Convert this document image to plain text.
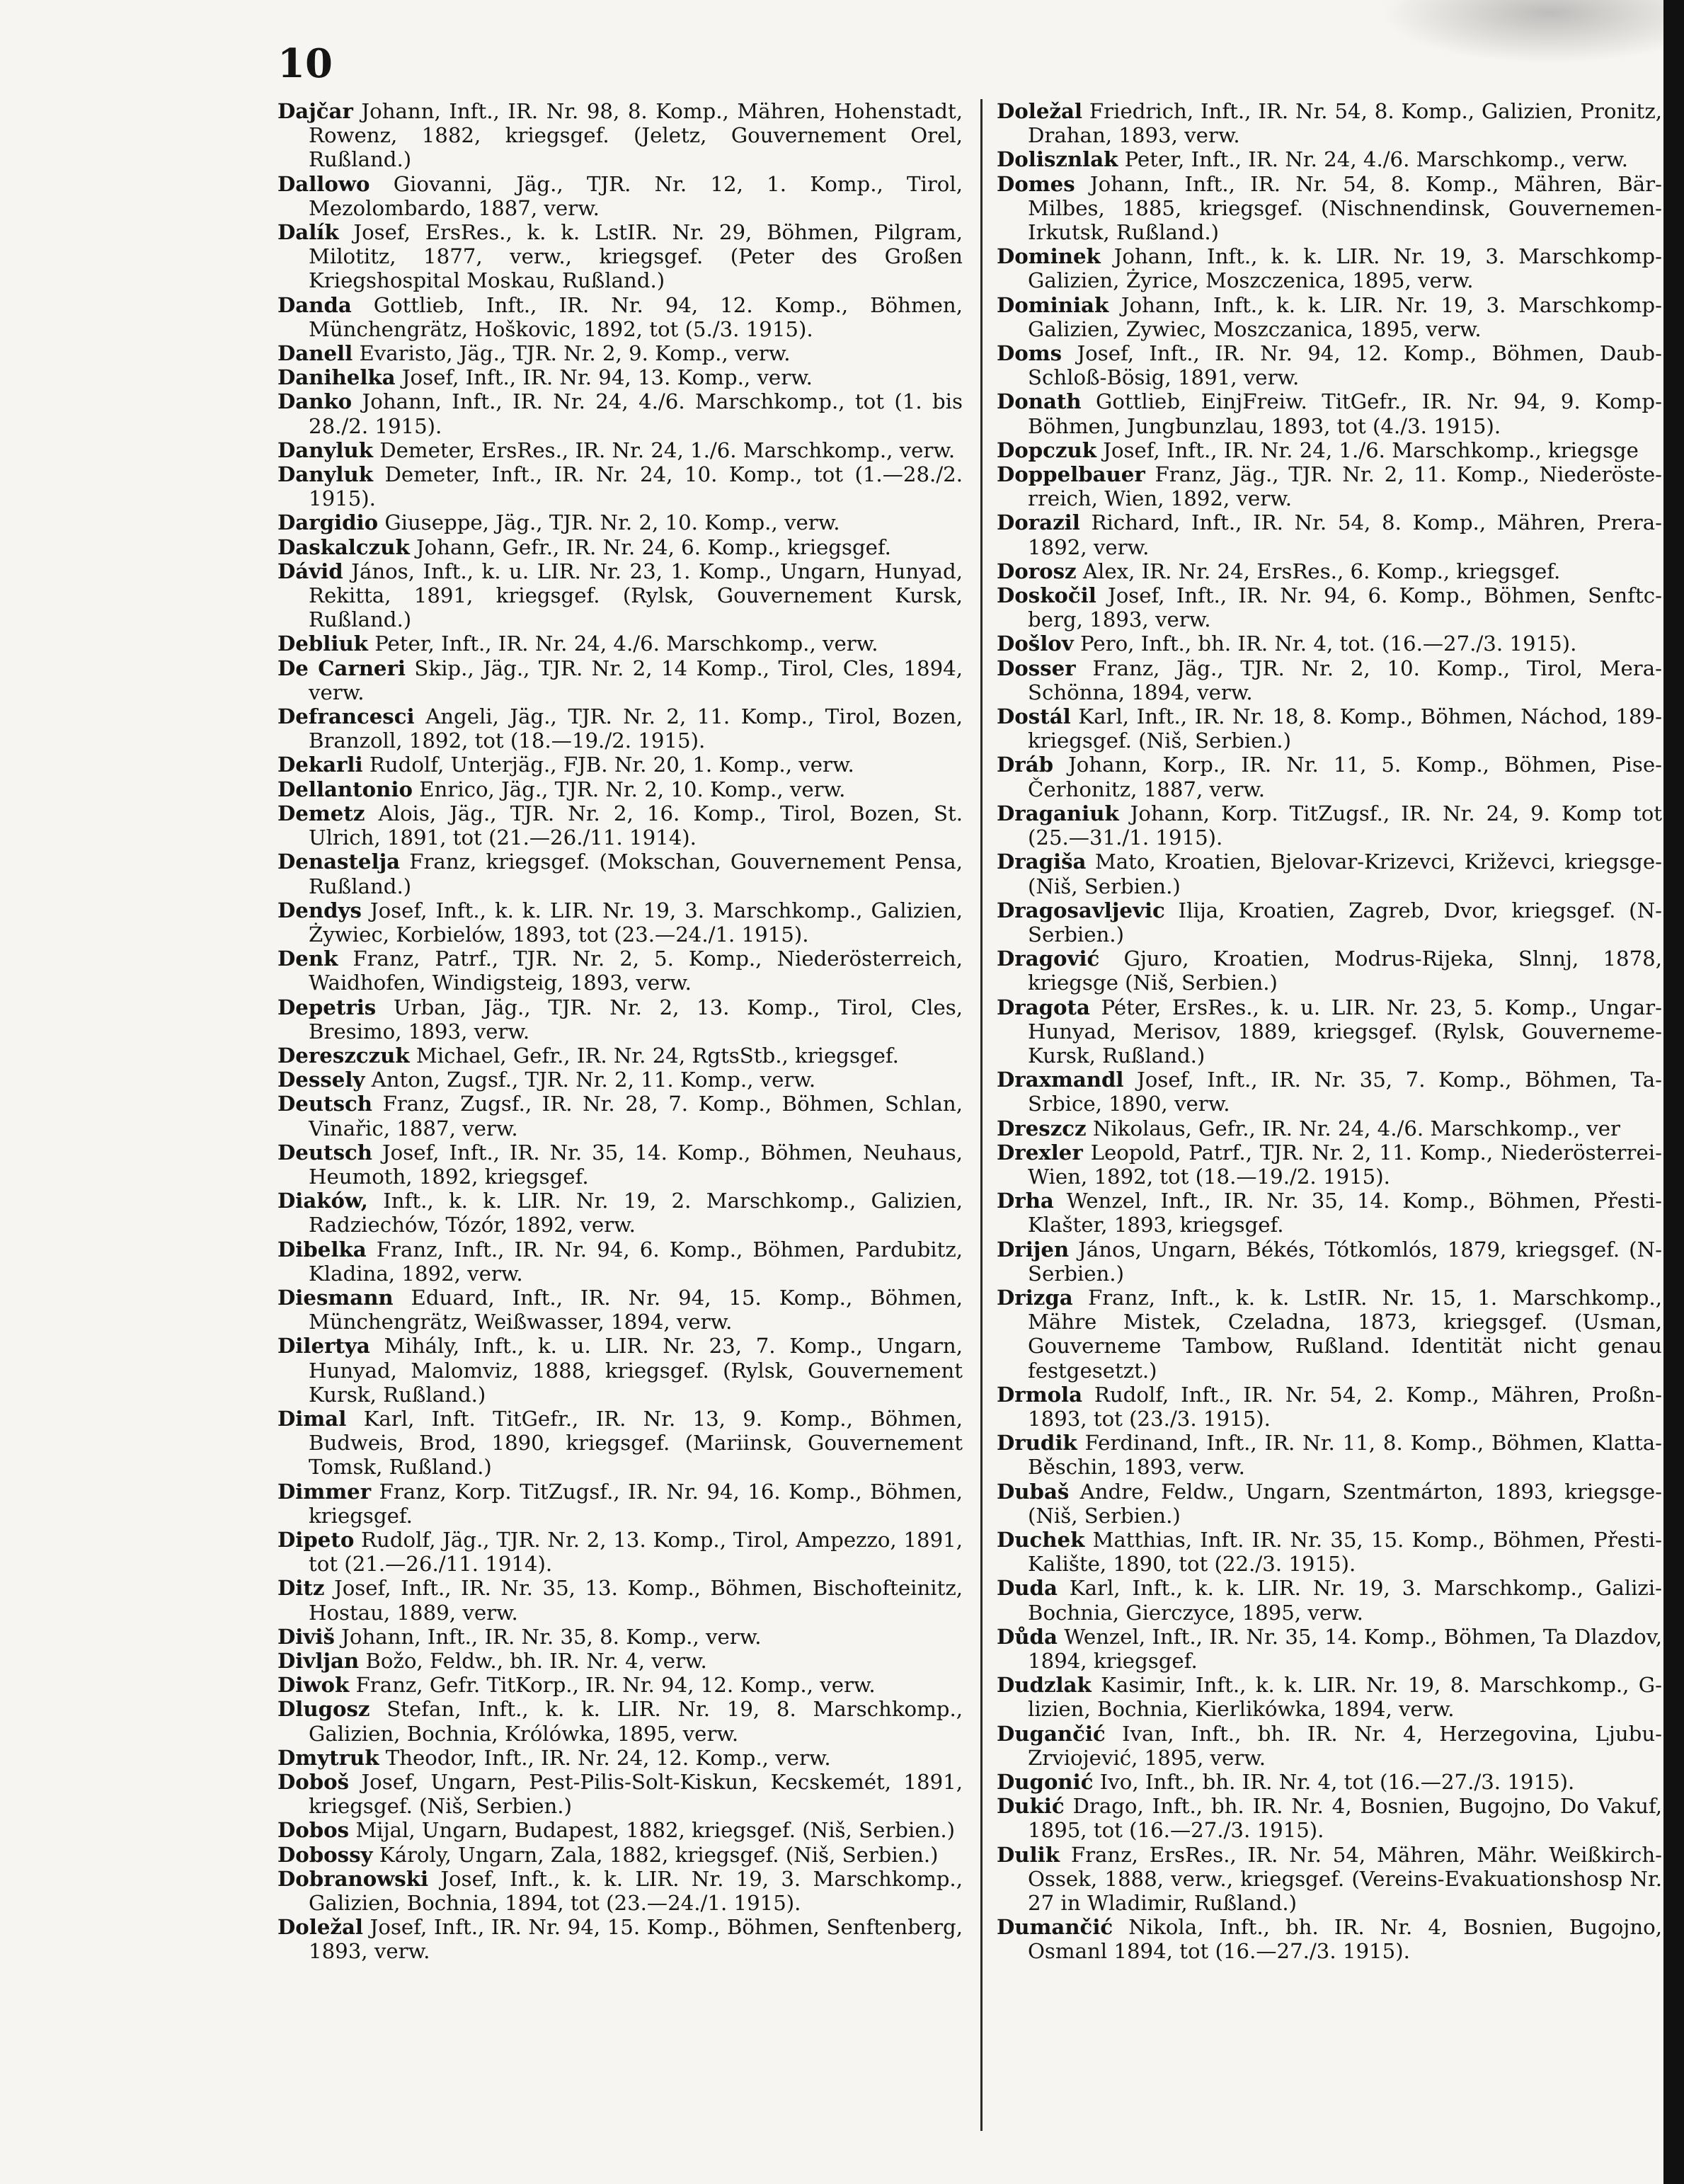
10

Dajčar Johann, Inft., IR. Nr. 98, 8. Komp., Mähren, Hohenstadt, Rowenz, 1882, kriegsgef. (Jeletz, Gouvernement Orel, Rußland.)

Dallowo Giovanni, Jäg., TJR. Nr. 12, 1. Komp., Tirol, Mezolombardo, 1887, verw.

Dalík Josef, ErsRes., k. k. LstIR. Nr. 29, Böhmen, Pilgram, Milotitz, 1877, verw., kriegsgef. (Peter des Großen Kriegshospital Moskau, Rußland.)

Danda Gottlieb, Inft., IR. Nr. 94, 12. Komp., Böhmen, Münchengrätz, Hoškovic, 1892, tot (5./3. 1915).

Danell Evaristo, Jäg., TJR. Nr. 2, 9. Komp., verw.

Danihelka Josef, Inft., IR. Nr. 94, 13. Komp., verw.

Danko Johann, Inft., IR. Nr. 24, 4./6. Marschkomp., tot (1. bis 28./2. 1915).

Danyluk Demeter, ErsRes., IR. Nr. 24, 1./6. Marschkomp., verw.

Danyluk Demeter, Inft., IR. Nr. 24, 10. Komp., tot (1.—28./2. 1915).

Dargidio Giuseppe, Jäg., TJR. Nr. 2, 10. Komp., verw.

Daskalczuk Johann, Gefr., IR. Nr. 24, 6. Komp., kriegsgef.

Dávid János, Inft., k. u. LIR. Nr. 23, 1. Komp., Ungarn, Hunyad, Rekitta, 1891, kriegsgef. (Rylsk, Gouvernement Kursk, Rußland.)

Debliuk Peter, Inft., IR. Nr. 24, 4./6. Marschkomp., verw.

De Carneri Skip., Jäg., TJR. Nr. 2, 14 Komp., Tirol, Cles, 1894, verw.

Defrancesci Angeli, Jäg., TJR. Nr. 2, 11. Komp., Tirol, Bozen, Branzoll, 1892, tot (18.—19./2. 1915).

Dekarli Rudolf, Unterjäg., FJB. Nr. 20, 1. Komp., verw.

Dellantonio Enrico, Jäg., TJR. Nr. 2, 10. Komp., verw.

Demetz Alois, Jäg., TJR. Nr. 2, 16. Komp., Tirol, Bozen, St. Ulrich, 1891, tot (21.—26./11. 1914).

Denastelja Franz, kriegsgef. (Mokschan, Gouvernement Pensa, Rußland.)

Dendys Josef, Inft., k. k. LIR. Nr. 19, 3. Marschkomp., Galizien, Żywiec, Korbielów, 1893, tot (23.—24./1. 1915).

Denk Franz, Patrf., TJR. Nr. 2, 5. Komp., Niederösterreich, Waidhofen, Windigsteig, 1893, verw.

Depetris Urban, Jäg., TJR. Nr. 2, 13. Komp., Tirol, Cles, Bresimo, 1893, verw.

Dereszczuk Michael, Gefr., IR. Nr. 24, RgtsStb., kriegsgef.

Dessely Anton, Zugsf., TJR. Nr. 2, 11. Komp., verw.

Deutsch Franz, Zugsf., IR. Nr. 28, 7. Komp., Böhmen, Schlan, Vinařic, 1887, verw.

Deutsch Josef, Inft., IR. Nr. 35, 14. Komp., Böhmen, Neuhaus, Heumoth, 1892, kriegsgef.

Diaków, Inft., k. k. LIR. Nr. 19, 2. Marschkomp., Galizien, Radziechów, Tózór, 1892, verw.

Dibelka Franz, Inft., IR. Nr. 94, 6. Komp., Böhmen, Pardubitz, Kladina, 1892, verw.

Diesmann Eduard, Inft., IR. Nr. 94, 15. Komp., Böhmen, Münchengrätz, Weißwasser, 1894, verw.

Dilertya Mihály, Inft., k. u. LIR. Nr. 23, 7. Komp., Ungarn, Hunyad, Malomviz, 1888, kriegsgef. (Rylsk, Gouvernement Kursk, Rußland.)

Dimal Karl, Inft. TitGefr., IR. Nr. 13, 9. Komp., Böhmen, Budweis, Brod, 1890, kriegsgef. (Mariinsk, Gouvernement Tomsk, Rußland.)

Dimmer Franz, Korp. TitZugsf., IR. Nr. 94, 16. Komp., Böhmen, kriegsgef.

Dipeto Rudolf, Jäg., TJR. Nr. 2, 13. Komp., Tirol, Ampezzo, 1891, tot (21.—26./11. 1914).

Ditz Josef, Inft., IR. Nr. 35, 13. Komp., Böhmen, Bischofteinitz, Hostau, 1889, verw.

Diviš Johann, Inft., IR. Nr. 35, 8. Komp., verw.

Divljan Božo, Feldw., bh. IR. Nr. 4, verw.

Diwok Franz, Gefr. TitKorp., IR. Nr. 94, 12. Komp., verw.

Dlugosz Stefan, Inft., k. k. LIR. Nr. 19, 8. Marschkomp., Galizien, Bochnia, Królówka, 1895, verw.

Dmytruk Theodor, Inft., IR. Nr. 24, 12. Komp., verw.

Doboš Josef, Ungarn, Pest-Pilis-Solt-Kiskun, Kecskemét, 1891, kriegsgef. (Niš, Serbien.)

Dobos Mijal, Ungarn, Budapest, 1882, kriegsgef. (Niš, Serbien.)

Dobossy Károly, Ungarn, Zala, 1882, kriegsgef. (Niš, Serbien.)

Dobranowski Josef, Inft., k. k. LIR. Nr. 19, 3. Marschkomp., Galizien, Bochnia, 1894, tot (23.—24./1. 1915).

Doležal Josef, Inft., IR. Nr. 94, 15. Komp., Böhmen, Senftenberg, 1893, verw.

Doležal Friedrich, Inft., IR. Nr. 54, 8. Komp., Galizien, Pronitz, Drahan, 1893, verw.

Dolisznlak Peter, Inft., IR. Nr. 24, 4./6. Marschkomp., verw.

Domes Johann, Inft., IR. Nr. 54, 8. Komp., Mähren, Bär Milbes, 1885, kriegsgef. (Nischnendinsk, Gouvernemen Irkutsk, Rußland.)

Dominek Johann, Inft., k. k. LIR. Nr. 19, 3. Marschkomp Galizien, Żyrice, Moszczenica, 1895, verw.

Dominiak Johann, Inft., k. k. LIR. Nr. 19, 3. Marschkomp Galizien, Zywiec, Moszczanica, 1895, verw.

Doms Josef, Inft., IR. Nr. 94, 12. Komp., Böhmen, Daub Schloß-Bösig, 1891, verw.

Donath Gottlieb, EinjFreiw. TitGefr., IR. Nr. 94, 9. Komp Böhmen, Jungbunzlau, 1893, tot (4./3. 1915).

Dopczuk Josef, Inft., IR. Nr. 24, 1./6. Marschkomp., kriegsge

Doppelbauer Franz, Jäg., TJR. Nr. 2, 11. Komp., Niederöste rreich, Wien, 1892, verw.

Dorazil Richard, Inft., IR. Nr. 54, 8. Komp., Mähren, Prera 1892, verw.

Dorosz Alex, IR. Nr. 24, ErsRes., 6. Komp., kriegsgef.

Doskočil Josef, Inft., IR. Nr. 94, 6. Komp., Böhmen, Senftc berg, 1893, verw.

Došlov Pero, Inft., bh. IR. Nr. 4, tot. (16.—27./3. 1915).

Dosser Franz, Jäg., TJR. Nr. 2, 10. Komp., Tirol, Mera Schönna, 1894, verw.

Dostál Karl, Inft., IR. Nr. 18, 8. Komp., Böhmen, Náchod, 189 kriegsgef. (Niš, Serbien.)

Dráb Johann, Korp., IR. Nr. 11, 5. Komp., Böhmen, Pise Čerhonitz, 1887, verw.

Draganiuk Johann, Korp. TitZugsf., IR. Nr. 24, 9. Komp tot (25.—31./1. 1915).

Dragiša Mato, Kroatien, Bjelovar-Krizevci, Križevci, kriegsge (Niš, Serbien.)

Dragosavljevic Ilija, Kroatien, Zagreb, Dvor, kriegsgef. (N Serbien.)

Dragović Gjuro, Kroatien, Modrus-Rijeka, Slnnj, 1878, kriegsge (Niš, Serbien.)

Dragota Péter, ErsRes., k. u. LIR. Nr. 23, 5. Komp., Ungar Hunyad, Merisov, 1889, kriegsgef. (Rylsk, Gouverneme Kursk, Rußland.)

Draxmandl Josef, Inft., IR. Nr. 35, 7. Komp., Böhmen, Ta Srbice, 1890, verw.

Dreszcz Nikolaus, Gefr., IR. Nr. 24, 4./6. Marschkomp., ver

Drexler Leopold, Patrf., TJR. Nr. 2, 11. Komp., Niederösterrei Wien, 1892, tot (18.—19./2. 1915).

Drha Wenzel, Inft., IR. Nr. 35, 14. Komp., Böhmen, Přesti Klašter, 1893, kriegsgef.

Drijen János, Ungarn, Békés, Tótkomlós, 1879, kriegsgef. (N Serbien.)

Drizga Franz, Inft., k. k. LstIR. Nr. 15, 1. Marschkomp., Mähre Mistek, Czeladna, 1873, kriegsgef. (Usman, Gouverneme Tambow, Rußland. Identität nicht genau festgesetzt.)

Drmola Rudolf, Inft., IR. Nr. 54, 2. Komp., Mähren, Proßn 1893, tot (23./3. 1915).

Drudik Ferdinand, Inft., IR. Nr. 11, 8. Komp., Böhmen, Klatta Běschin, 1893, verw.

Dubaš Andre, Feldw., Ungarn, Szentmárton, 1893, kriegsge (Niš, Serbien.)

Duchek Matthias, Inft. IR. Nr. 35, 15. Komp., Böhmen, Přesti Kalište, 1890, tot (22./3. 1915).

Duda Karl, Inft., k. k. LIR. Nr. 19, 3. Marschkomp., Galizi Bochnia, Gierczyce, 1895, verw.

Důda Wenzel, Inft., IR. Nr. 35, 14. Komp., Böhmen, Ta Dlazdov, 1894, kriegsgef.

Dudzlak Kasimir, Inft., k. k. LIR. Nr. 19, 8. Marschkomp., G lizien, Bochnia, Kierlikówka, 1894, verw.

Dugančić Ivan, Inft., bh. IR. Nr. 4, Herzegovina, Ljubu Zrviojević, 1895, verw.

Dugonić Ivo, Inft., bh. IR. Nr. 4, tot (16.—27./3. 1915).

Dukić Drago, Inft., bh. IR. Nr. 4, Bosnien, Bugojno, Do Vakuf, 1895, tot (16.—27./3. 1915).

Dulik Franz, ErsRes., IR. Nr. 54, Mähren, Mähr. Weißkirch Ossek, 1888, verw., kriegsgef. (Vereins-Evakuationshosp Nr. 27 in Wladimir, Rußland.)

Dumančić Nikola, Inft., bh. IR. Nr. 4, Bosnien, Bugojno, Osmanl 1894, tot (16.—27./3. 1915).
